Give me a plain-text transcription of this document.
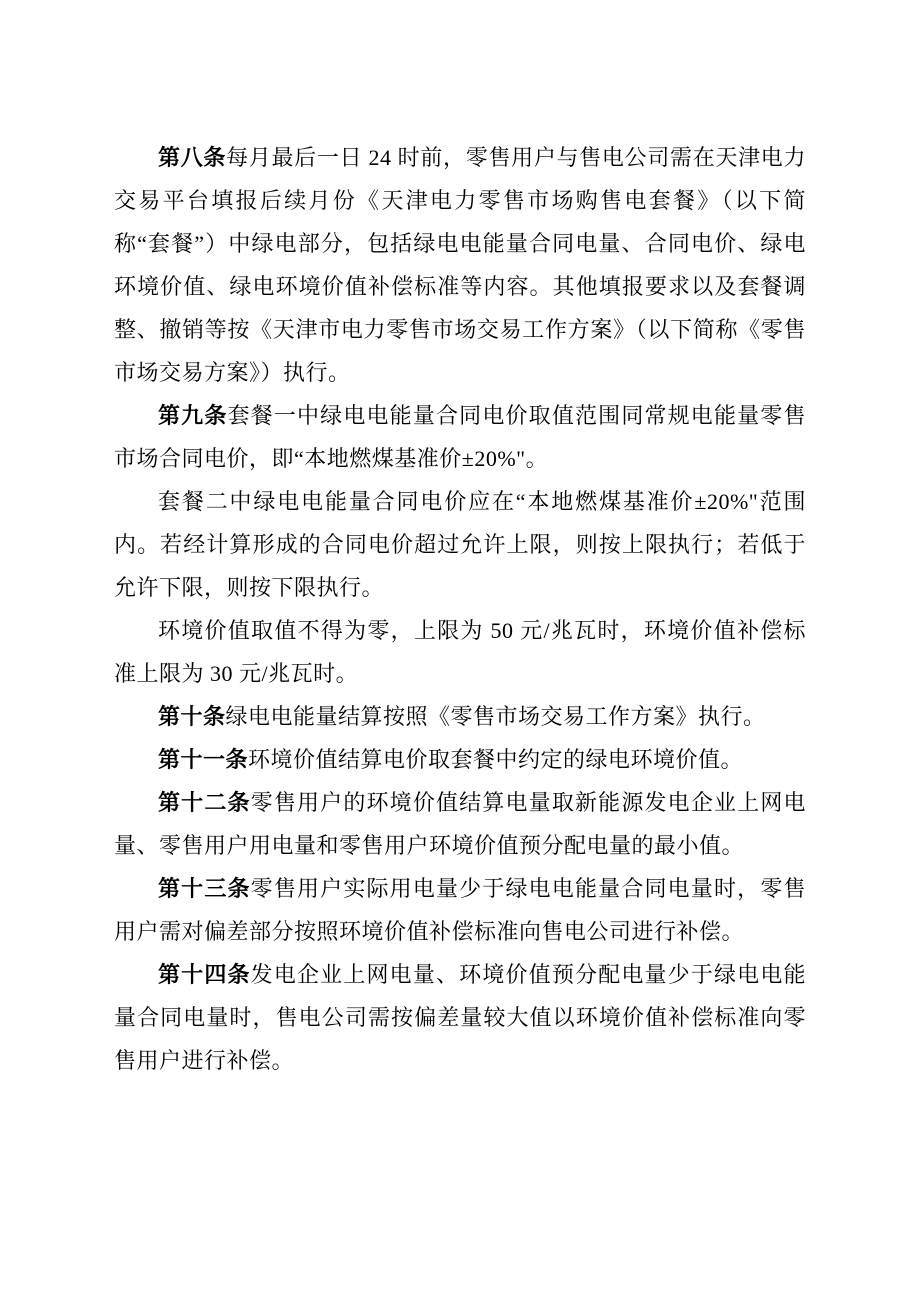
第八条每月最后一日 24 时前，零售用户与售电公司需在天津电力交易平台填报后续月份《天津电力零售市场购售电套餐》（以下简称“套餐”）中绿电部分，包括绿电电能量合同电量、合同电价、绿电环境价值、绿电环境价值补偿标准等内容。其他填报要求以及套餐调整、撤销等按《天津市电力零售市场交易工作方案》（以下简称《零售市场交易方案》）执行。

第九条套餐一中绿电电能量合同电价取值范围同常规电能量零售市场合同电价，即“本地燃煤基准价±20%"。

套餐二中绿电电能量合同电价应在“本地燃煤基准价±20%"范围内。若经计算形成的合同电价超过允许上限，则按上限执行；若低于允许下限，则按下限执行。

环境价值取值不得为零，上限为 50 元/兆瓦时，环境价值补偿标准上限为 30 元/兆瓦时。

第十条绿电电能量结算按照《零售市场交易工作方案》执行。

第十一条环境价值结算电价取套餐中约定的绿电环境价值。

第十二条零售用户的环境价值结算电量取新能源发电企业上网电量、零售用户用电量和零售用户环境价值预分配电量的最小值。

第十三条零售用户实际用电量少于绿电电能量合同电量时，零售用户需对偏差部分按照环境价值补偿标准向售电公司进行补偿。

第十四条发电企业上网电量、环境价值预分配电量少于绿电电能量合同电量时，售电公司需按偏差量较大值以环境价值补偿标准向零售用户进行补偿。
